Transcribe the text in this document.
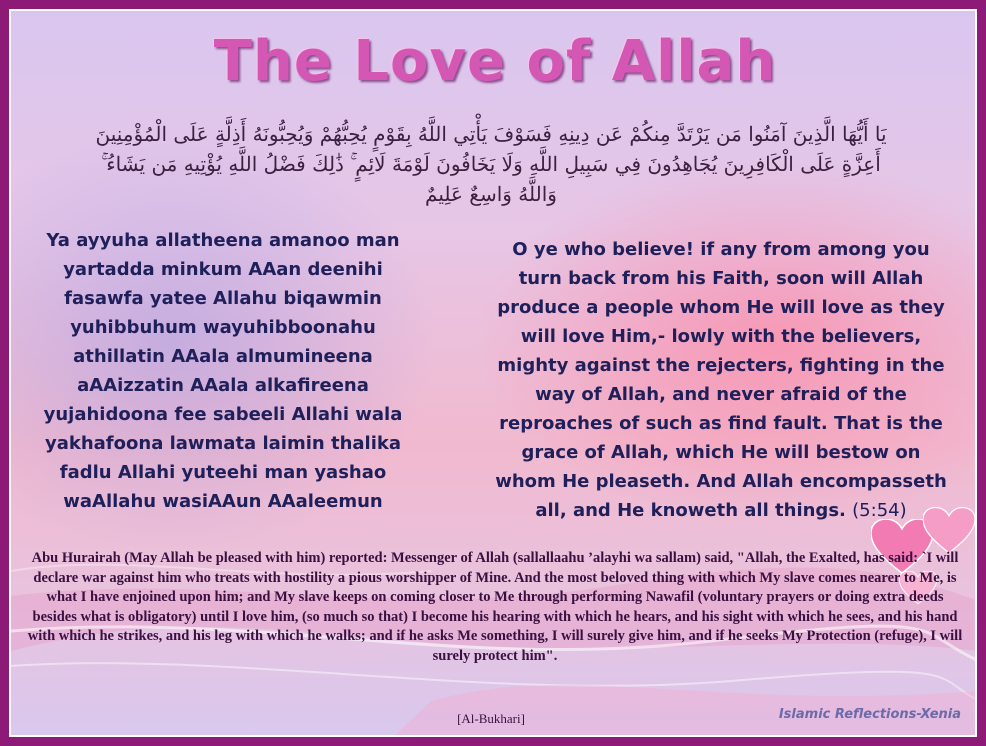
The Love of Allah
يَا أَيُّهَا الَّذِينَ آمَنُوا مَن يَرْتَدَّ مِنكُمْ عَن دِينِهِ فَسَوْفَ يَأْتِي اللَّهُ بِقَوْمٍ يُحِبُّهُمْ وَيُحِبُّونَهُ أَذِلَّةٍ عَلَى الْمُؤْمِنِينَ أَعِزَّةٍ عَلَى الْكَافِرِينَ يُجَاهِدُونَ فِي سَبِيلِ اللَّهِ وَلَا يَخَافُونَ لَوْمَةَ لَائِمٍ ۚ ذَٰلِكَ فَضْلُ اللَّهِ يُؤْتِيهِ مَن يَشَاءُ ۚ وَاللَّهُ وَاسِعٌ عَلِيمٌ
Ya ayyuha allatheena amanoo man yartadda minkum AAan deenihi fasawfa yatee Allahu biqawmin yuhibbuhum wayuhibboonahu athillatin AAala almumineena aAAizzatin AAala alkafireena yujahidoona fee sabeeli Allahi wala yakhafoona lawmata laimin thalika fadlu Allahi yuteehi man yashao waAllahu wasiAAun AAaleemun
O ye who believe! if any from among you turn back from his Faith, soon will Allah produce a people whom He will love as they will love Him,- lowly with the believers, mighty against the rejecters, fighting in the way of Allah, and never afraid of the reproaches of such as find fault. That is the grace of Allah, which He will bestow on whom He pleaseth. And Allah encompasseth all, and He knoweth all things. (5:54)
Abu Hurairah (May Allah be pleased with him) reported: Messenger of Allah (sallallaahu ’alayhi wa sallam) said, "Allah, the Exalted, has said: `I will declare war against him who treats with hostility a pious worshipper of Mine. And the most beloved thing with which My slave comes nearer to Me, is what I have enjoined upon him; and My slave keeps on coming closer to Me through performing Nawafil (voluntary prayers or doing extra deeds besides what is obligatory) until I love him, (so much so that) I become his hearing with which he hears, and his sight with which he sees, and his hand with which he strikes, and his leg with which he walks; and if he asks Me something, I will surely give him, and if he seeks My Protection (refuge), I will surely protect him".
[Al-Bukhari]	Islamic Reflections-Xenia
